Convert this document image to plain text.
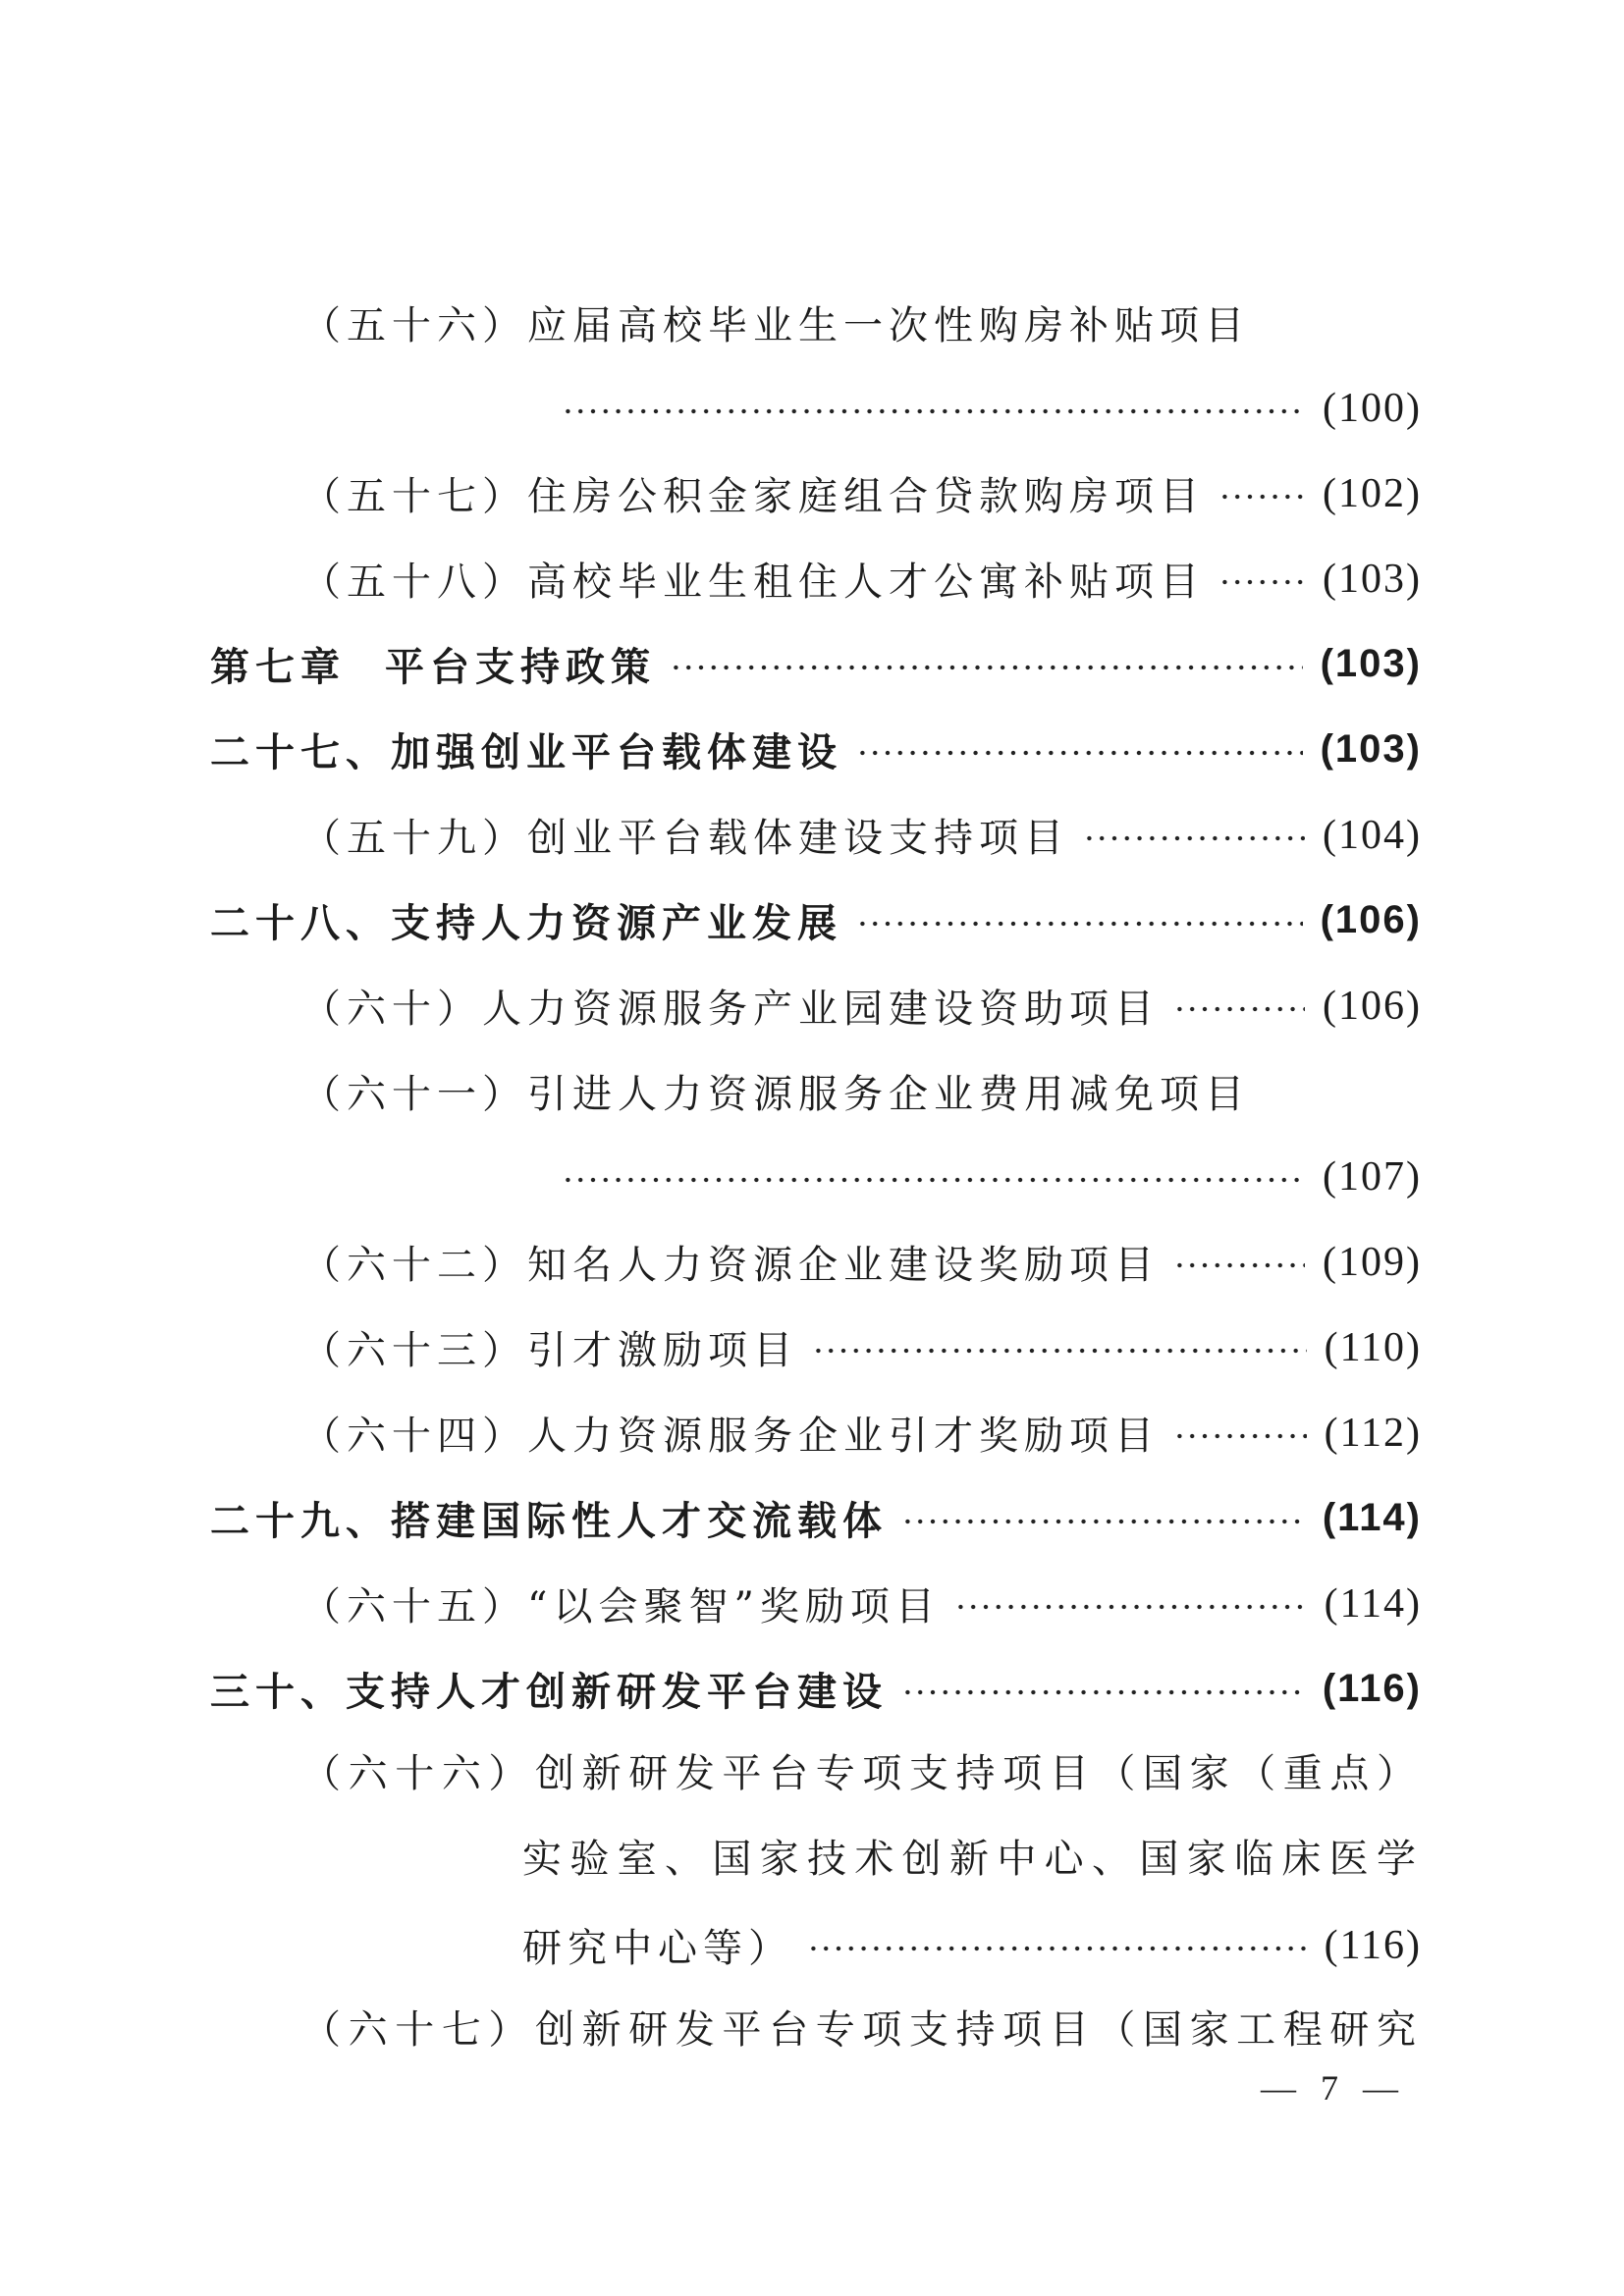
（五十六） 应届高校毕业生一次性购房补贴项目
(100)
（五十七） 住房公积金家庭组合贷款购房项目	(102)
（五十八） 高校毕业生租住人才公寓补贴项目	(103)
第七章 平台支持政策	(103)
二十七、 加强创业平台载体建设	(103)
（五十九） 创业平台载体建设支持项目	(104)
二十八、 支持人力资源产业发展	(106)
（六十） 人力资源服务产业园建设资助项目	(106)
（六十一） 引进人力资源服务企业费用减免项目
(107)
（六十二） 知名人力资源企业建设奖励项目	(109)
（六十三） 引才激励项目	(110)
（六十四） 人力资源服务企业引才奖励项目	(112)
二十九、 搭建国际性人才交流载体	(114)
（六十五） “以会聚智”奖励项目	(114)
三十、 支持人才创新研发平台建设	(116)
（六十六）创新研发平台专项支持项目（国家（重点）
实验室、国家技术创新中心、国家临床医学
研究中心等）	(116)
（六十七）创新研发平台专项支持项目（国家工程研究
— 7 —
